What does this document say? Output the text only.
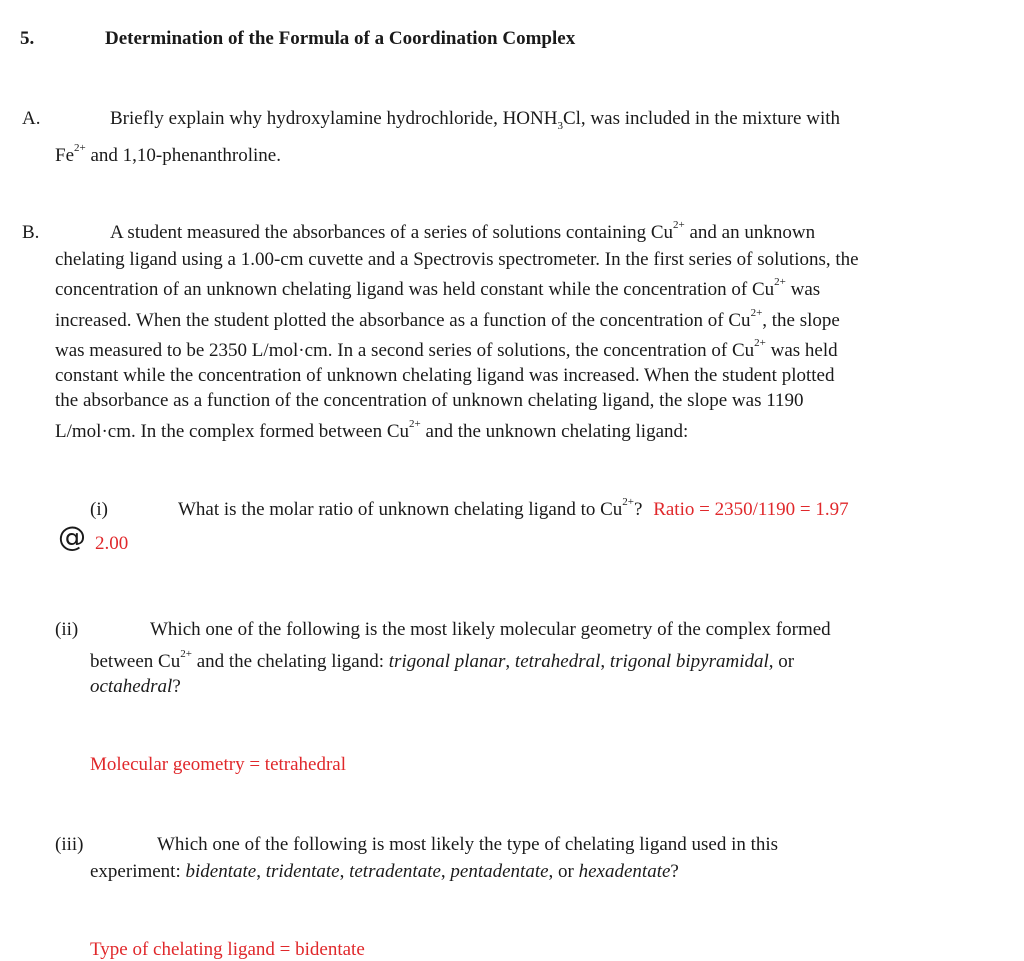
5.	Determination of the Formula of a Coordination Complex
A.	Briefly explain why hydroxylamine hydrochloride, $HONH_3Cl$, was included in the mixture with
$Fe^{2+}$ and 1,10-phenanthroline.
B.	A student measured the absorbances of a series of solutions containing $Cu^{2+}$ and an unknown
chelating ligand using a 1.00-cm cuvette and a Spectrovis spectrometer. In the first series of solutions, the
concentration of an unknown chelating ligand was held constant while the concentration of $Cu^{2+}$ was
increased. When the student plotted the absorbance as a function of the concentration of $Cu^{2+}$, the slope
was measured to be 2350 L/mol·cm. In a second series of solutions, the concentration of $Cu^{2+}$ was held
constant while the concentration of unknown chelating ligand was increased. When the student plotted
the absorbance as a function of the concentration of unknown chelating ligand, the slope was 1190
L/mol·cm. In the complex formed between $Cu^{2+}$ and the unknown chelating ligand:
(i)	What is the molar ratio of unknown chelating ligand to $Cu^{2+}$? Ratio = 2350/1190 = 1.97
@ 2.00
(ii)	Which one of the following is the most likely molecular geometry of the complex formed
between $Cu^{2+}$ and the chelating ligand: trigonal planar, tetrahedral, trigonal bipyramidal, or
octahedral?
Molecular geometry = tetrahedral
(iii)	Which one of the following is most likely the type of chelating ligand used in this
experiment: bidentate, tridentate, tetradentate, pentadentate, or hexadentate?
Type of chelating ligand = bidentate
